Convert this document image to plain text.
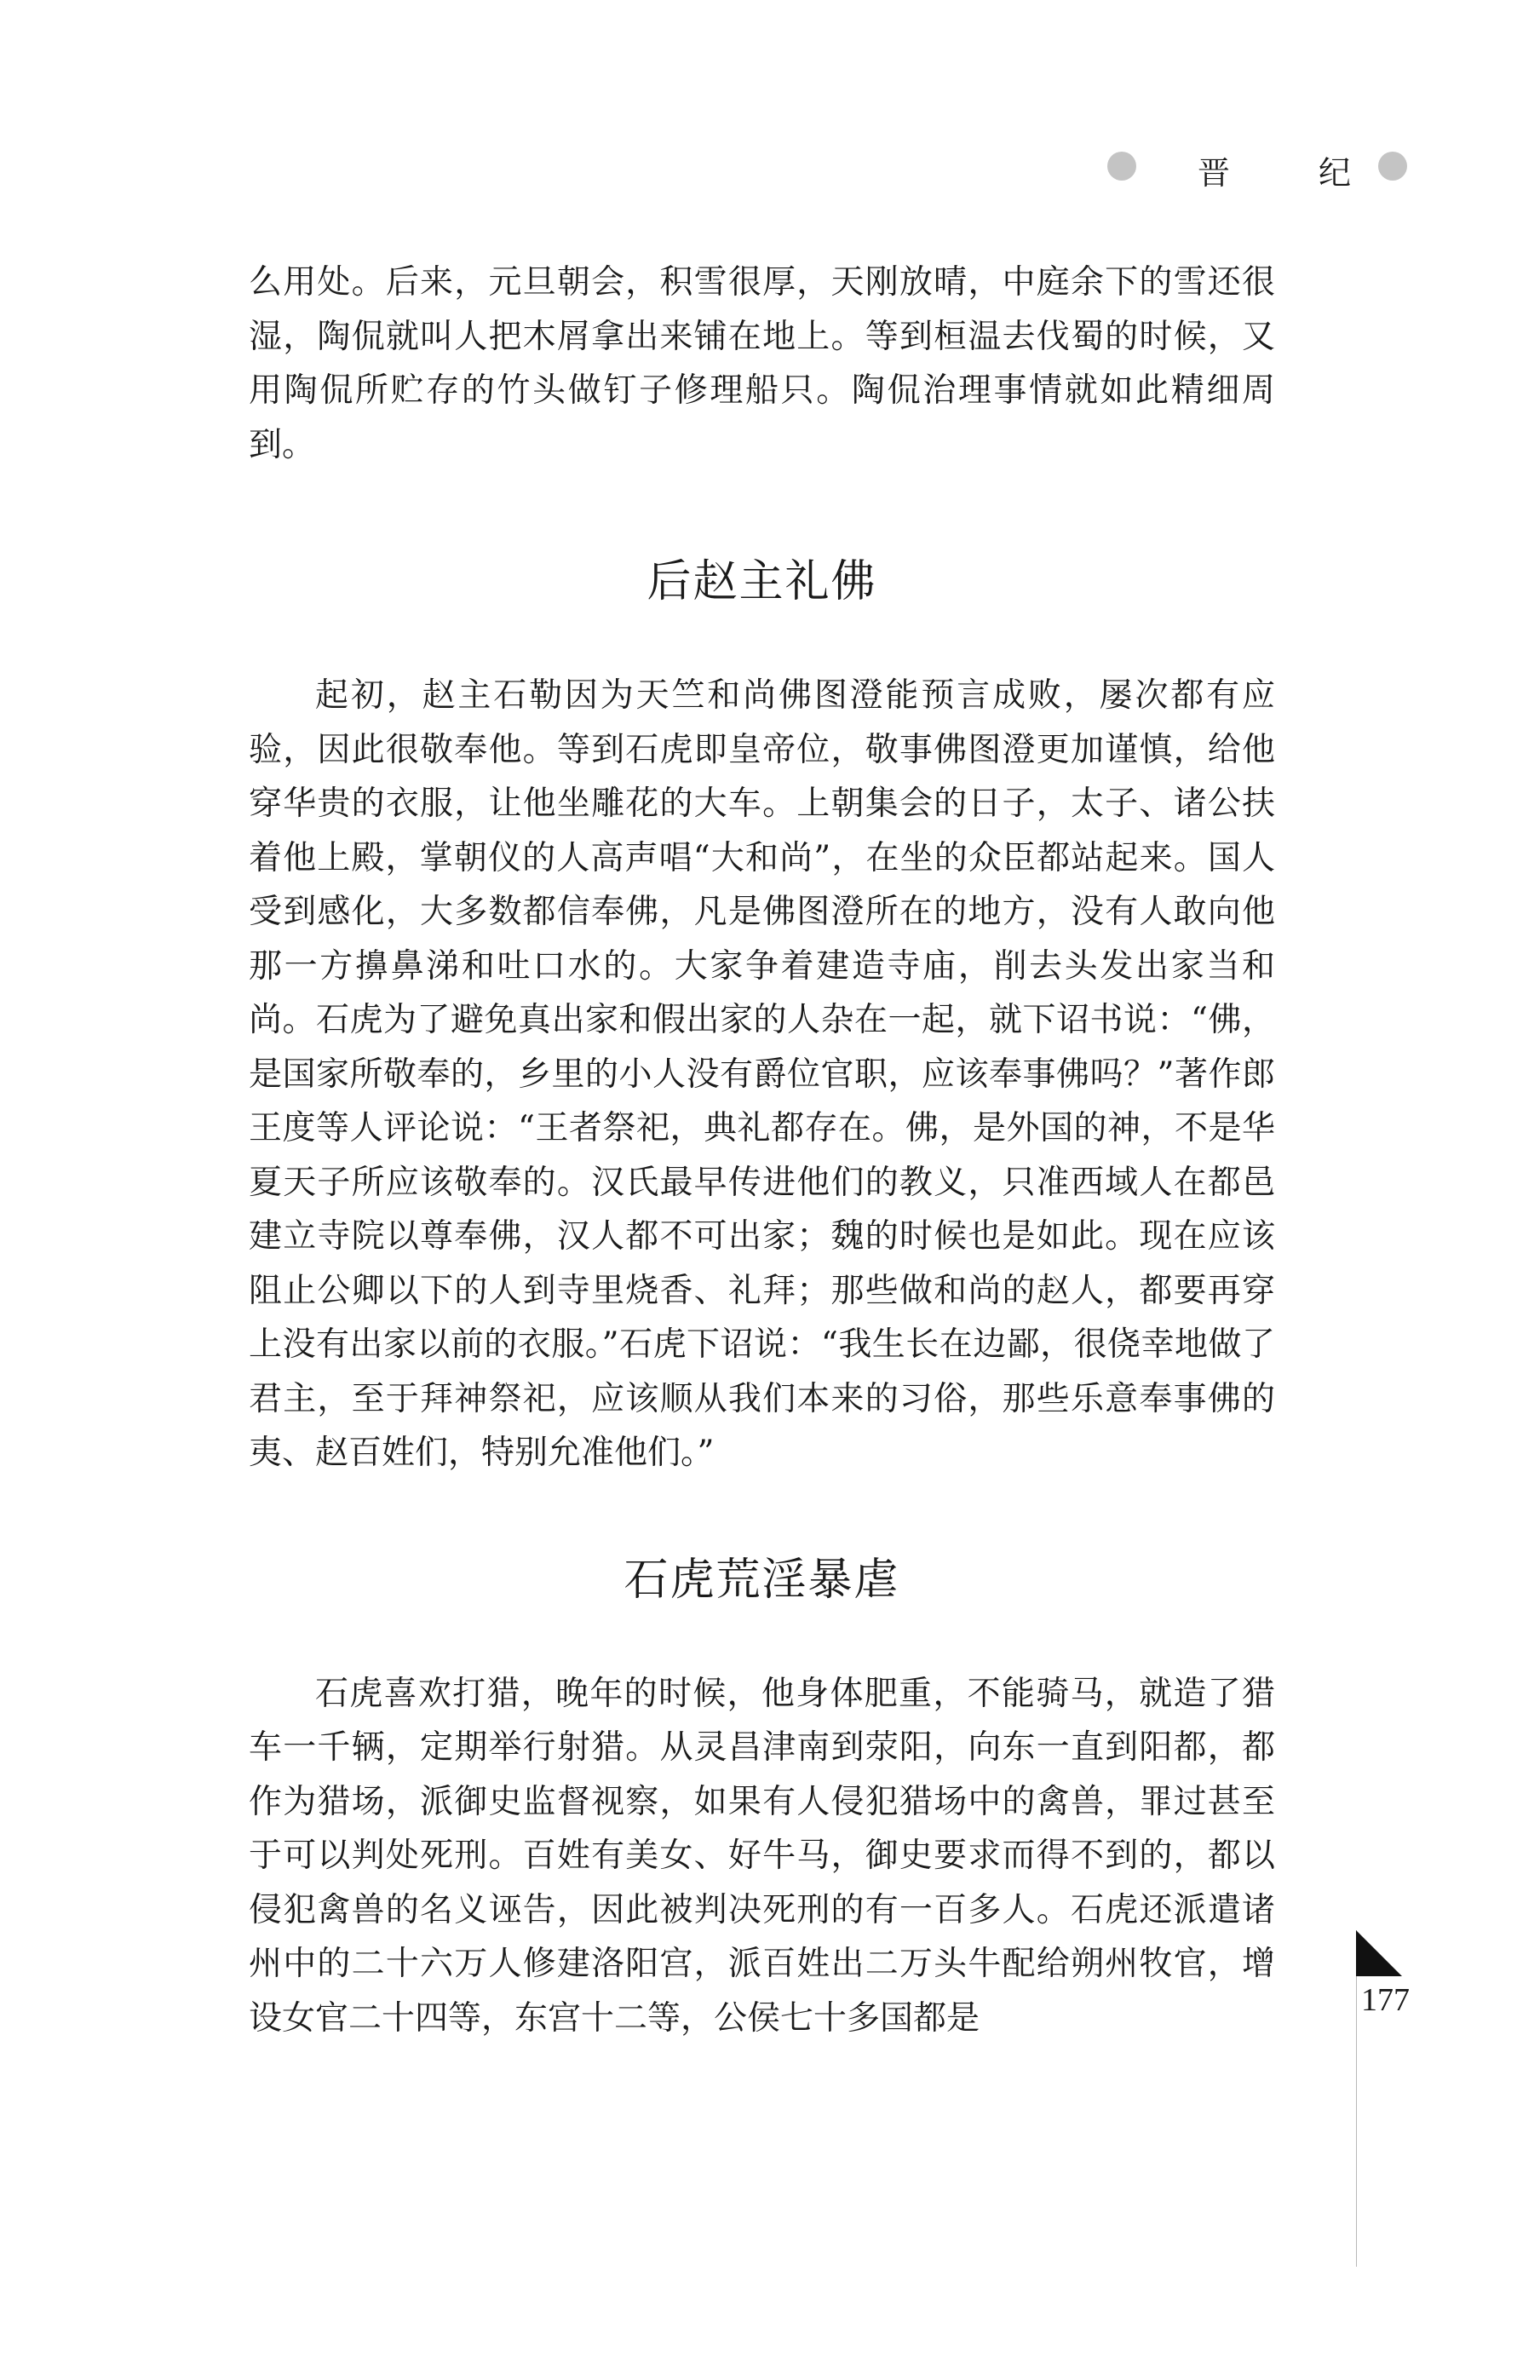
晋	纪

么用处。后来，元旦朝会，积雪很厚，天刚放晴，中庭余下的雪还很湿，陶侃就叫人把木屑拿出来铺在地上。等到桓温去伐蜀的时候，又用陶侃所贮存的竹头做钉子修理船只。陶侃治理事情就如此精细周到。

后赵主礼佛

起初，赵主石勒因为天竺和尚佛图澄能预言成败，屡次都有应验，因此很敬奉他。等到石虎即皇帝位，敬事佛图澄更加谨慎，给他穿华贵的衣服，让他坐雕花的大车。上朝集会的日子，太子、诸公扶着他上殿，掌朝仪的人高声唱“大和尚”，在坐的众臣都站起来。国人受到感化，大多数都信奉佛，凡是佛图澄所在的地方，没有人敢向他那一方擤鼻涕和吐口水的。大家争着建造寺庙，削去头发出家当和尚。石虎为了避免真出家和假出家的人杂在一起，就下诏书说：“佛，是国家所敬奉的，乡里的小人没有爵位官职，应该奉事佛吗？”著作郎王度等人评论说：“王者祭祀，典礼都存在。佛，是外国的神，不是华夏天子所应该敬奉的。汉氏最早传进他们的教义，只准西域人在都邑建立寺院以尊奉佛，汉人都不可出家；魏的时候也是如此。现在应该阻止公卿以下的人到寺里烧香、礼拜；那些做和尚的赵人，都要再穿上没有出家以前的衣服。”石虎下诏说：“我生长在边鄙，很侥幸地做了君主，至于拜神祭祀，应该顺从我们本来的习俗，那些乐意奉事佛的夷、赵百姓们，特别允准他们。”

石虎荒淫暴虐

石虎喜欢打猎，晚年的时候，他身体肥重，不能骑马，就造了猎车一千辆，定期举行射猎。从灵昌津南到荥阳，向东一直到阳都，都作为猎场，派御史监督视察，如果有人侵犯猎场中的禽兽，罪过甚至于可以判处死刑。百姓有美女、好牛马，御史要求而得不到的，都以侵犯禽兽的名义诬告，因此被判决死刑的有一百多人。石虎还派遣诸州中的二十六万人修建洛阳宫，派百姓出二万头牛配给朔州牧官，增设女官二十四等，东宫十二等，公侯七十多国都是	177
